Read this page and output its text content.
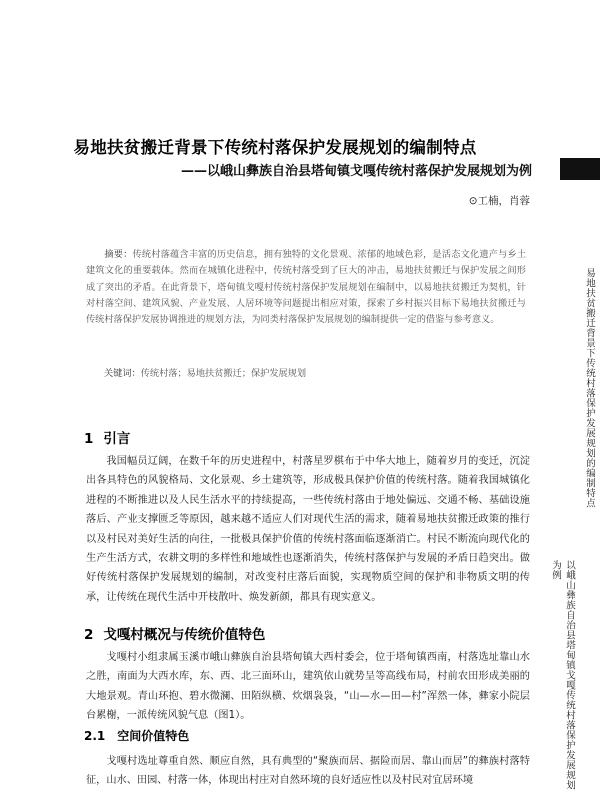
易地扶贫搬迁背景下传统村落保护发展规划的编制特点
——以峨山彝族自治县塔甸镇戈嘎传统村落保护发展规划为例
⊙工楠，肖蓉
摘要：传统村落蕴含丰富的历史信息，拥有独特的文化景观、浓郁的地域色彩，是活态文化遗产与乡土建筑文化的重要载体。然而在城镇化进程中，传统村落受到了巨大的冲击，易地扶贫搬迁与保护发展之间形成了突出的矛盾。在此背景下，塔甸镇戈嘎村传统村落保护发展规划在编制中，以易地扶贫搬迁为契机，针对村落空间、建筑风貌、产业发展、人居环境等问题提出相应对策，探索了乡村振兴目标下易地扶贫搬迁与传统村落保护发展协调推进的规划方法，为同类村落保护发展规划的编制提供一定的借鉴与参考意义。
关键词：传统村落；易地扶贫搬迁；保护发展规划
1 引言
我国幅员辽阔，在数千年的历史进程中，村落星罗棋布于中华大地上，随着岁月的变迁，沉淀出各具特色的风貌格局、文化景观、乡土建筑等，形成极具保护价值的传统村落。随着我国城镇化进程的不断推进以及人民生活水平的持续提高，一些传统村落由于地处偏远、交通不畅、基础设施落后、产业支撑匮乏等原因，越来越不适应人们对现代生活的需求，随着易地扶贫搬迁政策的推行以及村民对美好生活的向往，一批极具保护价值的传统村落面临逐渐消亡。村民不断流向现代化的生产生活方式，农耕文明的多样性和地域性也逐渐消失，传统村落保护与发展的矛盾日趋突出。做好传统村落保护发展规划的编制，对改变村庄落后面貌，实现物质空间的保护和非物质文明的传承，让传统在现代生活中开枝散叶、焕发新颜，都具有现实意义。
2 戈嘎村概况与传统价值特色
戈嘎村小组隶属玉溪市峨山彝族自治县塔甸镇大西村委会，位于塔甸镇西南，村落选址靠山水之胜，南面为大西水库，东、西、北三面环山，建筑依山就势呈等高线布局，村前农田形成美丽的大地景观。青山环抱、碧水微澜、田陌纵横、炊烟袅袅，“山—水—田—村”浑然一体，彝家小院层台累榭，一派传统风貌气息（图1）。
2.1 空间价值特色
戈嘎村选址尊重自然、顺应自然，具有典型的“聚族而居、据险而居、靠山而居”的彝族村落特征，山水、田园、村落一体，体现出村庄对自然环境的良好适应性以及村民对宜居环境
易地扶贫搬迁背景下传统村落保护发展规划的编制特点
以峨山彝族自治县塔甸镇戈嘎传统村落保护发展规划为例
